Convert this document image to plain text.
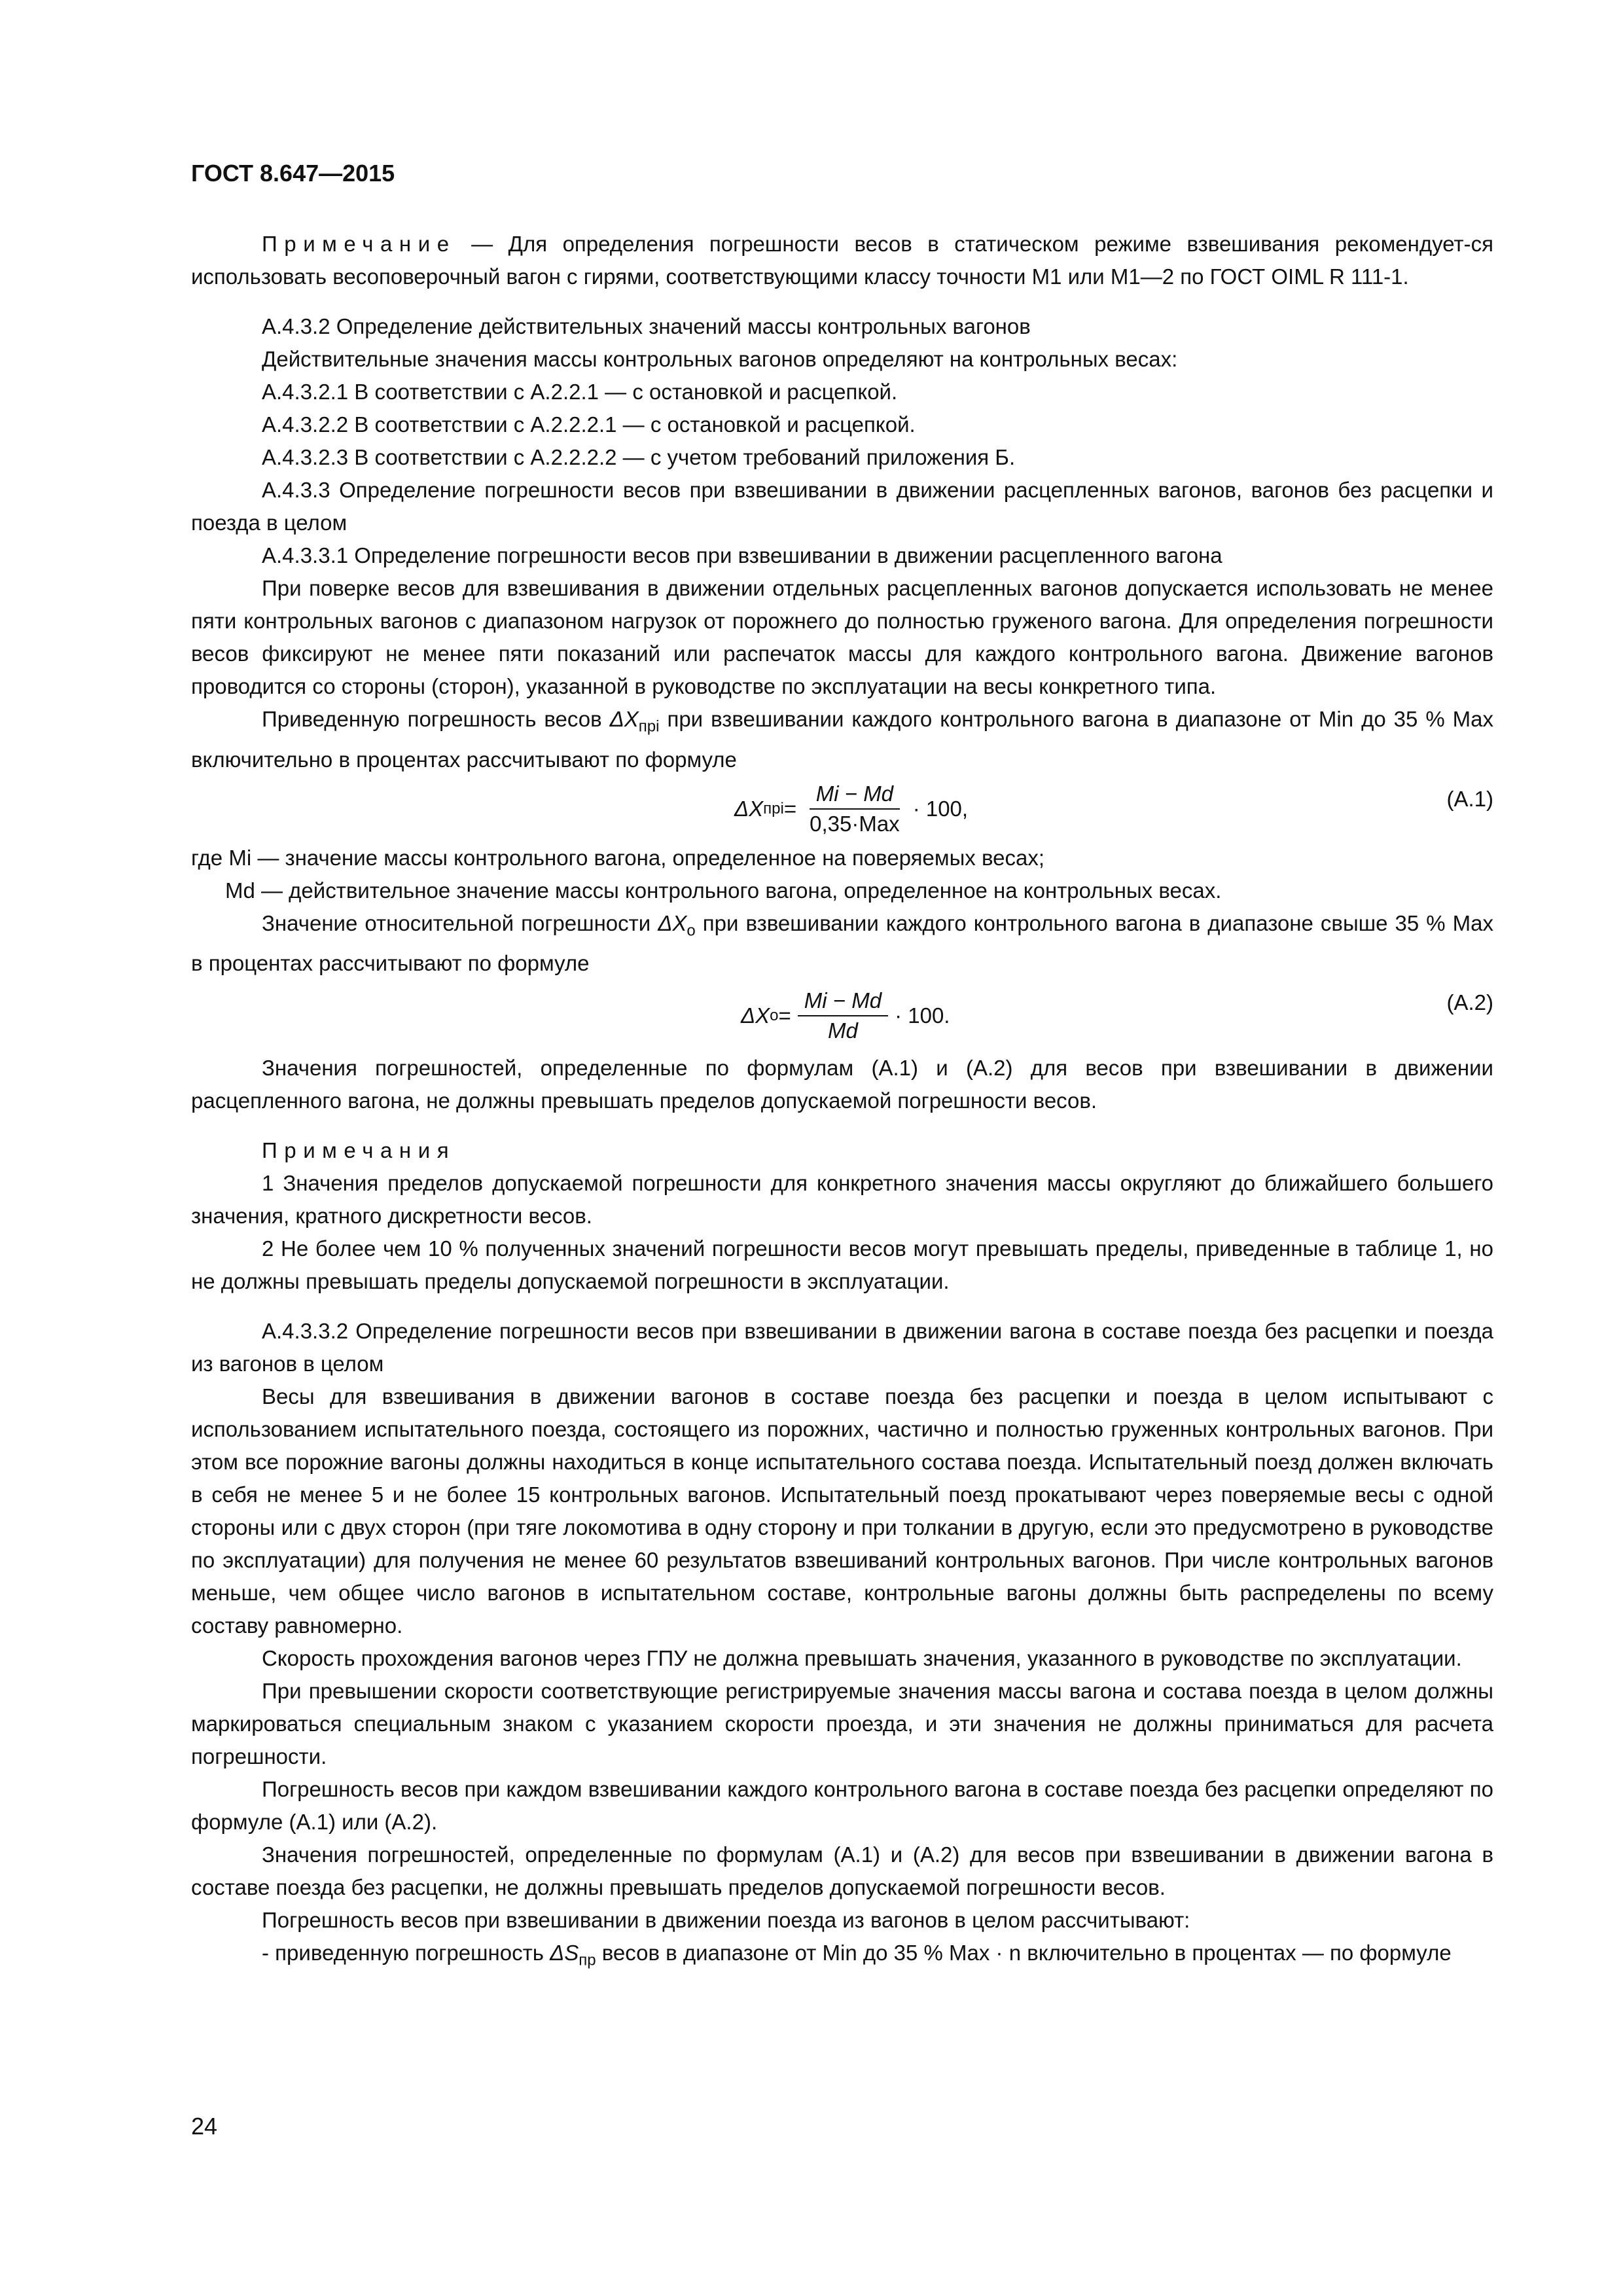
ГОСТ 8.647—2015

Примечание — Для определения погрешности весов в статическом режиме взвешивания рекомендует-ся использовать весоповерочный вагон с гирями, соответствующими классу точности М1 или М1—2 по ГОСТ OIML R 111-1.

А.4.3.2 Определение действительных значений массы контрольных вагонов

Действительные значения массы контрольных вагонов определяют на контрольных весах:

А.4.3.2.1 В соответствии с А.2.2.1 — с остановкой и расцепкой.

А.4.3.2.2 В соответствии с А.2.2.2.1 — с остановкой и расцепкой.

А.4.3.2.3 В соответствии с А.2.2.2.2 — с учетом требований приложения Б.

А.4.3.3 Определение погрешности весов при взвешивании в движении расцепленных вагонов, вагонов без расцепки и поезда в целом

А.4.3.3.1 Определение погрешности весов при взвешивании в движении расцепленного вагона

При поверке весов для взвешивания в движении отдельных расцепленных вагонов допускается использовать не менее пяти контрольных вагонов с диапазоном нагрузок от порожнего до полностью груженого вагона. Для определения погрешности весов фиксируют не менее пяти показаний или распечаток массы для каждого контрольного вагона. Движение вагонов проводится со стороны (сторон), указанной в руководстве по эксплуатации на весы конкретного типа.

Приведенную погрешность весов $\Delta X_{прi}$ при взвешивании каждого контрольного вагона в диапазоне от Min до 35 % Max включительно в процентах рассчитывают по формуле

ΔX прi = $\frac{Mi - Md}{\text{0,35·Max}} \cdot 100$,	(А.1)

где Mi — значение массы контрольного вагона, определенное на поверяемых весах;

Md — действительное значение массы контрольного вагона, определенное на контрольных весах.

Значение относительной погрешности $\Delta X_о$ при взвешивании каждого контрольного вагона в диапазоне свыше 35 % Max в процентах рассчитывают по формуле

ΔX $о = \frac{Mi - Md}{Md} \cdot 100$.
(А.2)

Значения погрешностей, определенные по формулам (А.1) и (А.2) для весов при взвешивании в движении расцепленного вагона, не должны превышать пределов допускаемой погрешности весов.

Примечания

1 Значения пределов допускаемой погрешности для конкретного значения массы округляют до ближайшего большего значения, кратного дискретности весов.

2 Не более чем 10 % полученных значений погрешности весов могут превышать пределы, приведенные в таблице 1, но не должны превышать пределы допускаемой погрешности в эксплуатации.

А.4.3.3.2 Определение погрешности весов при взвешивании в движении вагона в составе поезда без расцепки и поезда из вагонов в целом

Весы для взвешивания в движении вагонов в составе поезда без расцепки и поезда в целом испытывают с использованием испытательного поезда, состоящего из порожних, частично и полностью груженных контрольных вагонов. При этом все порожние вагоны должны находиться в конце испытательного состава поезда. Испытательный поезд должен включать в себя не менее 5 и не более 15 контрольных вагонов. Испытательный поезд прокатывают через поверяемые весы с одной стороны или с двух сторон (при тяге локомотива в одну сторону и при толкании в другую, если это предусмотрено в руководстве по эксплуатации) для получения не менее 60 результатов взвешиваний контрольных вагонов. При числе контрольных вагонов меньше, чем общее число вагонов в испытательном составе, контрольные вагоны должны быть распределены по всему составу равномерно.

Скорость прохождения вагонов через ГПУ не должна превышать значения, указанного в руководстве по эксплуатации.

При превышении скорости соответствующие регистрируемые значения массы вагона и состава поезда в целом должны маркироваться специальным знаком с указанием скорости проезда, и эти значения не должны приниматься для расчета погрешности.

Погрешность весов при каждом взвешивании каждого контрольного вагона в составе поезда без расцепки определяют по формуле (А.1) или (А.2).

Значения погрешностей, определенные по формулам (А.1) и (А.2) для весов при взвешивании в движении вагона в составе поезда без расцепки, не должны превышать пределов допускаемой погрешности весов.

Погрешность весов при взвешивании в движении поезда из вагонов в целом рассчитывают:

- приведенную погрешность $\Delta S_{пр}$ весов в диапазоне от Min до 35 % Max · n включительно в процентах — по формуле

24
